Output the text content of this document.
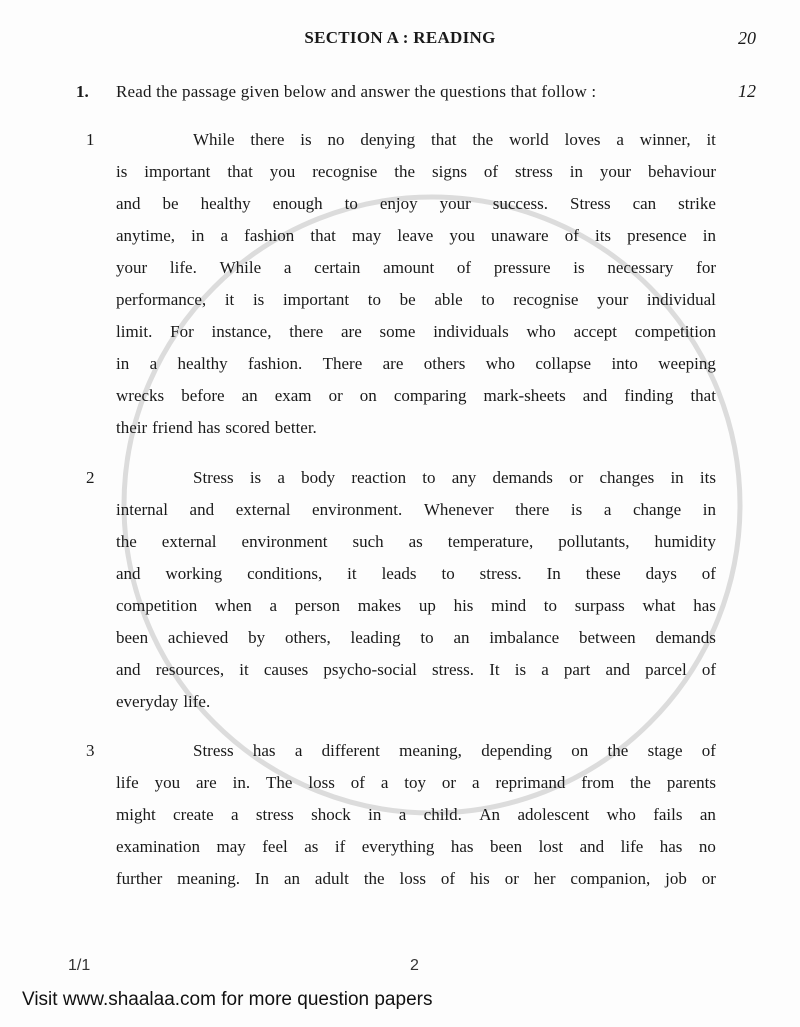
SECTION A : READING	20
1. Read the passage given below and answer the questions that follow :	12
1	While there is no denying that the world loves a winner, it
is important that you recognise the signs of stress in your behaviour
and be healthy enough to enjoy your success. Stress can strike
anytime, in a fashion that may leave you unaware of its presence in
your life. While a certain amount of pressure is necessary for
performance, it is important to be able to recognise your individual
limit. For instance, there are some individuals who accept competition
in a healthy fashion. There are others who collapse into weeping
wrecks before an exam or on comparing mark-sheets and finding that
their friend has scored better.
2	Stress is a body reaction to any demands or changes in its
internal and external environment. Whenever there is a change in
the external environment such as temperature, pollutants, humidity
and working conditions, it leads to stress. In these days of
competition when a person makes up his mind to surpass what has
been achieved by others, leading to an imbalance between demands
and resources, it causes psycho-social stress. It is a part and parcel of
everyday life.
3	Stress has a different meaning, depending on the stage of
life you are in. The loss of a toy or a reprimand from the parents
might create a stress shock in a child. An adolescent who fails an
examination may feel as if everything has been lost and life has no
further meaning. In an adult the loss of his or her companion, job or
1/1	2
Visit www.shaalaa.com for more question papers
